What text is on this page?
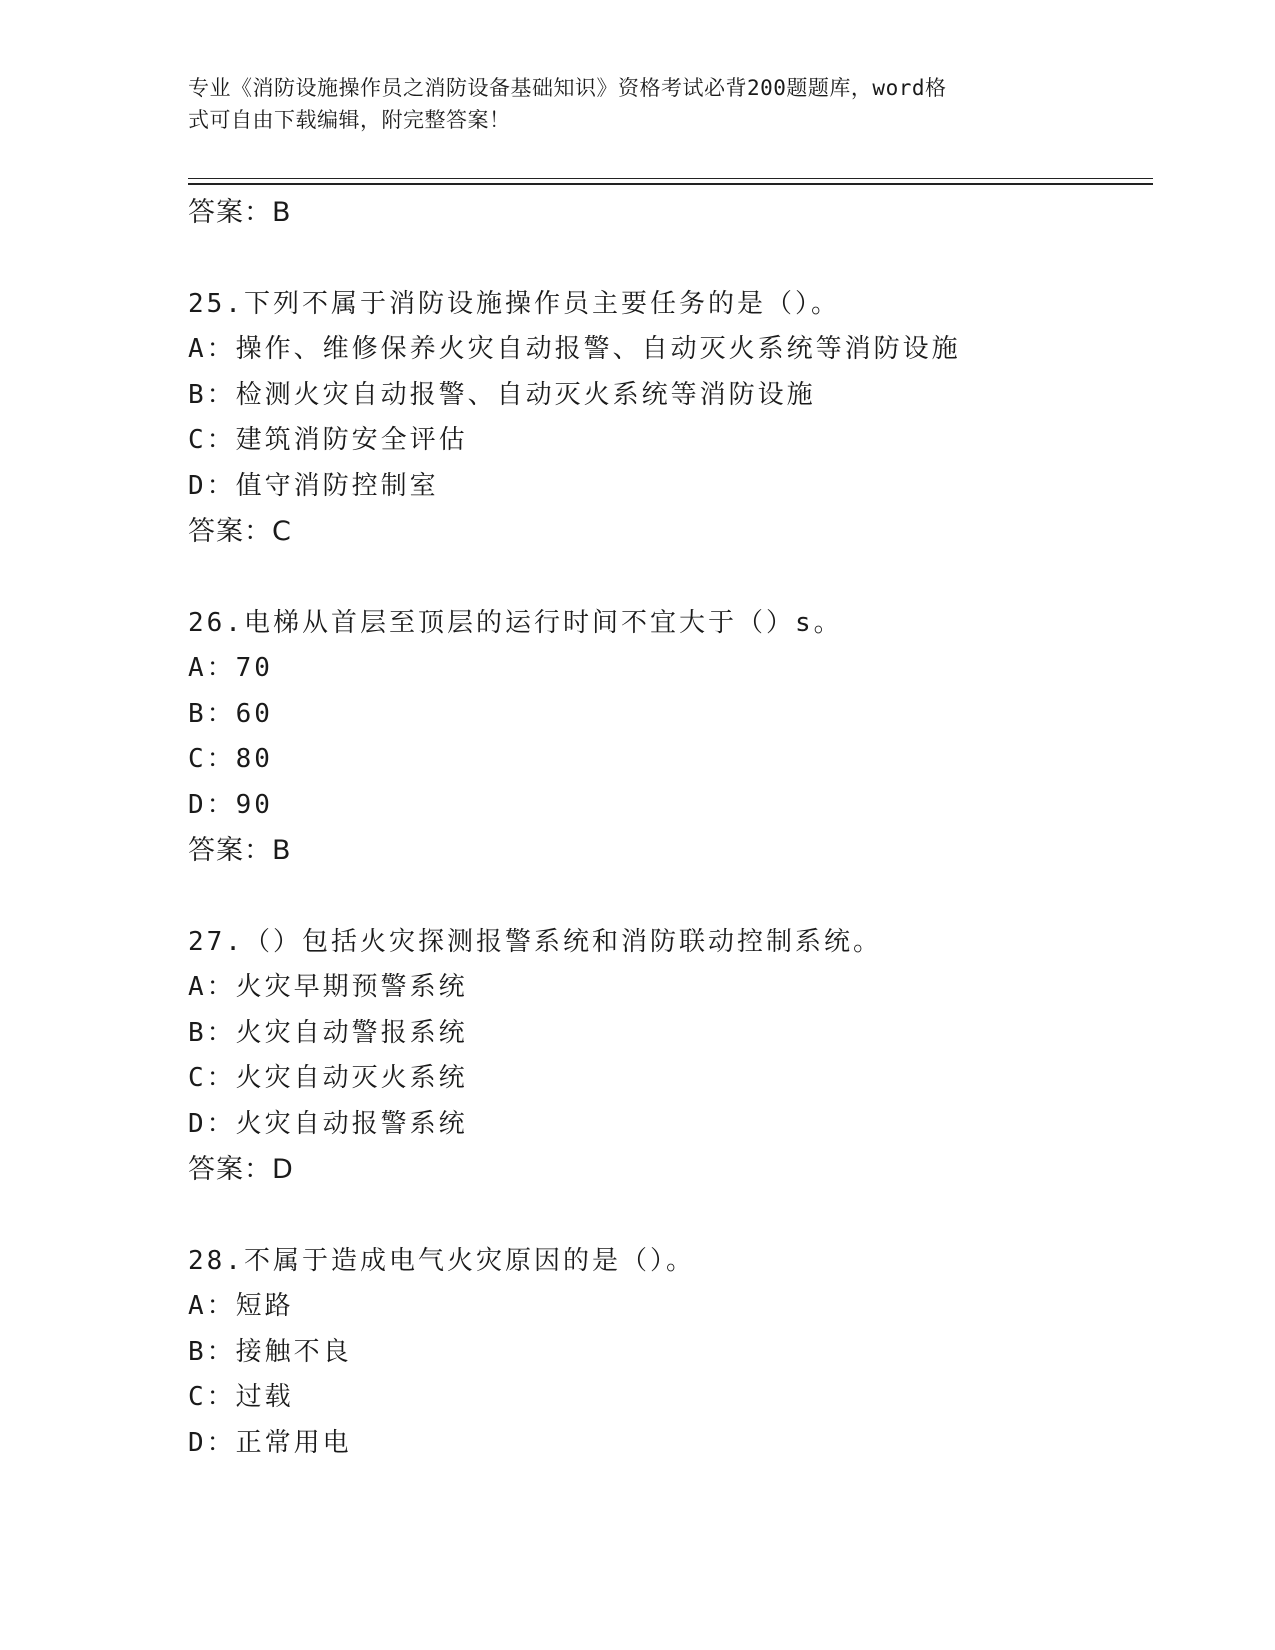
专业《消防设施操作员之消防设备基础知识》资格考试必背200题题库，word格
式可自由下载编辑，附完整答案！
答案：B
25.下列不属于消防设施操作员主要任务的是（）。
A：操作、维修保养火灾自动报警、自动灭火系统等消防设施
B：检测火灾自动报警、自动灭火系统等消防设施
C：建筑消防安全评估
D：值守消防控制室
答案：C
26.电梯从首层至顶层的运行时间不宜大于（）s。
A：70
B：60
C：80
D：90
答案：B
27.（）包括火灾探测报警系统和消防联动控制系统。
A：火灾早期预警系统
B：火灾自动警报系统
C：火灾自动灭火系统
D：火灾自动报警系统
答案：D
28.不属于造成电气火灾原因的是（）。
A：短路
B：接触不良
C：过载
D：正常用电
